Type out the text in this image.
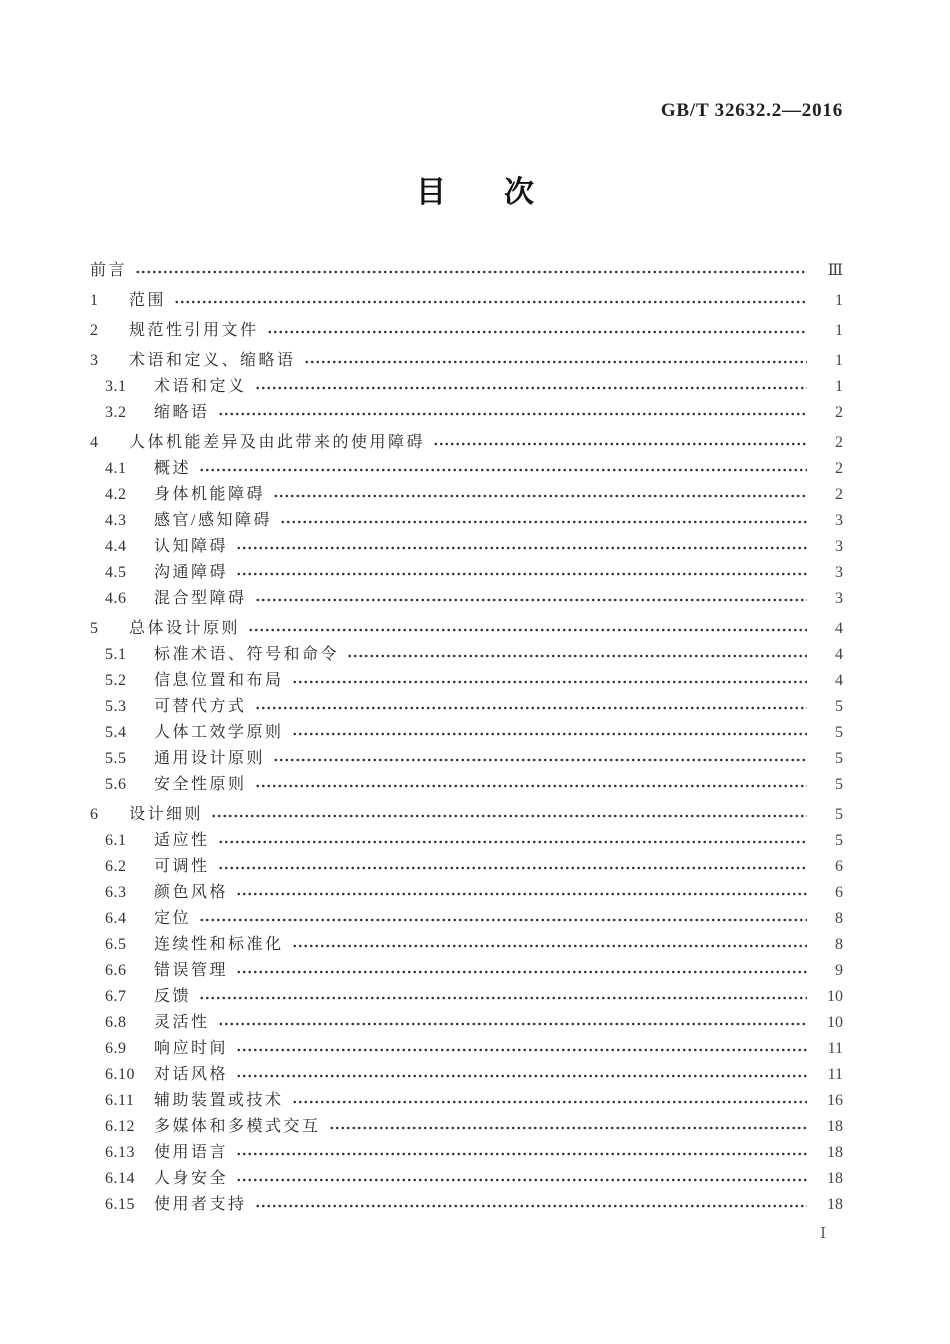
GB/T 32632.2—2016
目 次
前言	Ⅲ
1	范围	1
2	规范性引用文件	1
3	术语和定义、缩略语	1
3.1	术语和定义	1
3.2	缩略语	2
4	人体机能差异及由此带来的使用障碍	2
4.1	概述	2
4.2	身体机能障碍	2
4.3	感官/感知障碍	3
4.4	认知障碍	3
4.5	沟通障碍	3
4.6	混合型障碍	3
5	总体设计原则	4
5.1	标准术语、符号和命令	4
5.2	信息位置和布局	4
5.3	可替代方式	5
5.4	人体工效学原则	5
5.5	通用设计原则	5
5.6	安全性原则	5
6	设计细则	5
6.1	适应性	5
6.2	可调性	6
6.3	颜色风格	6
6.4	定位	8
6.5	连续性和标准化	8
6.6	错误管理	9
6.7	反馈	10
6.8	灵活性	10
6.9	响应时间	11
6.10	对话风格	11
6.11	辅助装置或技术	16
6.12	多媒体和多模式交互	18
6.13	使用语言	18
6.14	人身安全	18
6.15	使用者支持	18
Ⅰ
